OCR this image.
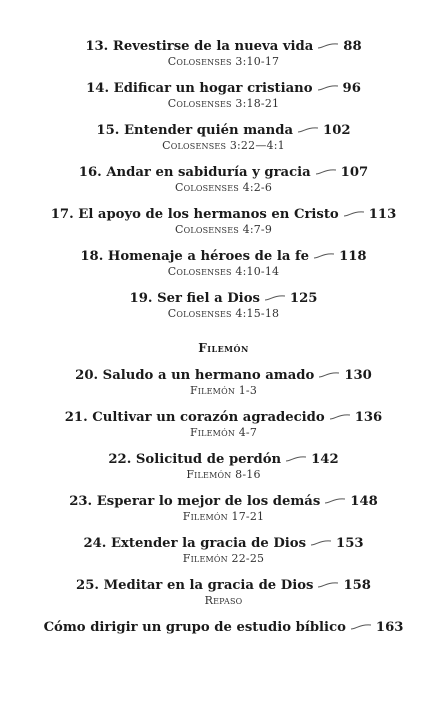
13. Revestirse de la nueva vida 88
Colosenses 3:10-17
14. Edificar un hogar cristiano 96
Colosenses 3:18-21
15. Entender quién manda 102
Colosenses 3:22—4:1
16. Andar en sabiduría y gracia 107
Colosenses 4:2-6
17. El apoyo de los hermanos en Cristo 113
Colosenses 4:7-9
18. Homenaje a héroes de la fe 118
Colosenses 4:10-14
19. Ser fiel a Dios 125
Colosenses 4:15-18
Filemón
20. Saludo a un hermano amado 130
Filemón 1-3
21. Cultivar un corazón agradecido 136
Filemón 4-7
22. Solicitud de perdón 142
Filemón 8-16
23. Esperar lo mejor de los demás 148
Filemón 17-21
24. Extender la gracia de Dios 153
Filemón 22-25
25. Meditar en la gracia de Dios 158
Repaso
Cómo dirigir un grupo de estudio bíblico 163
